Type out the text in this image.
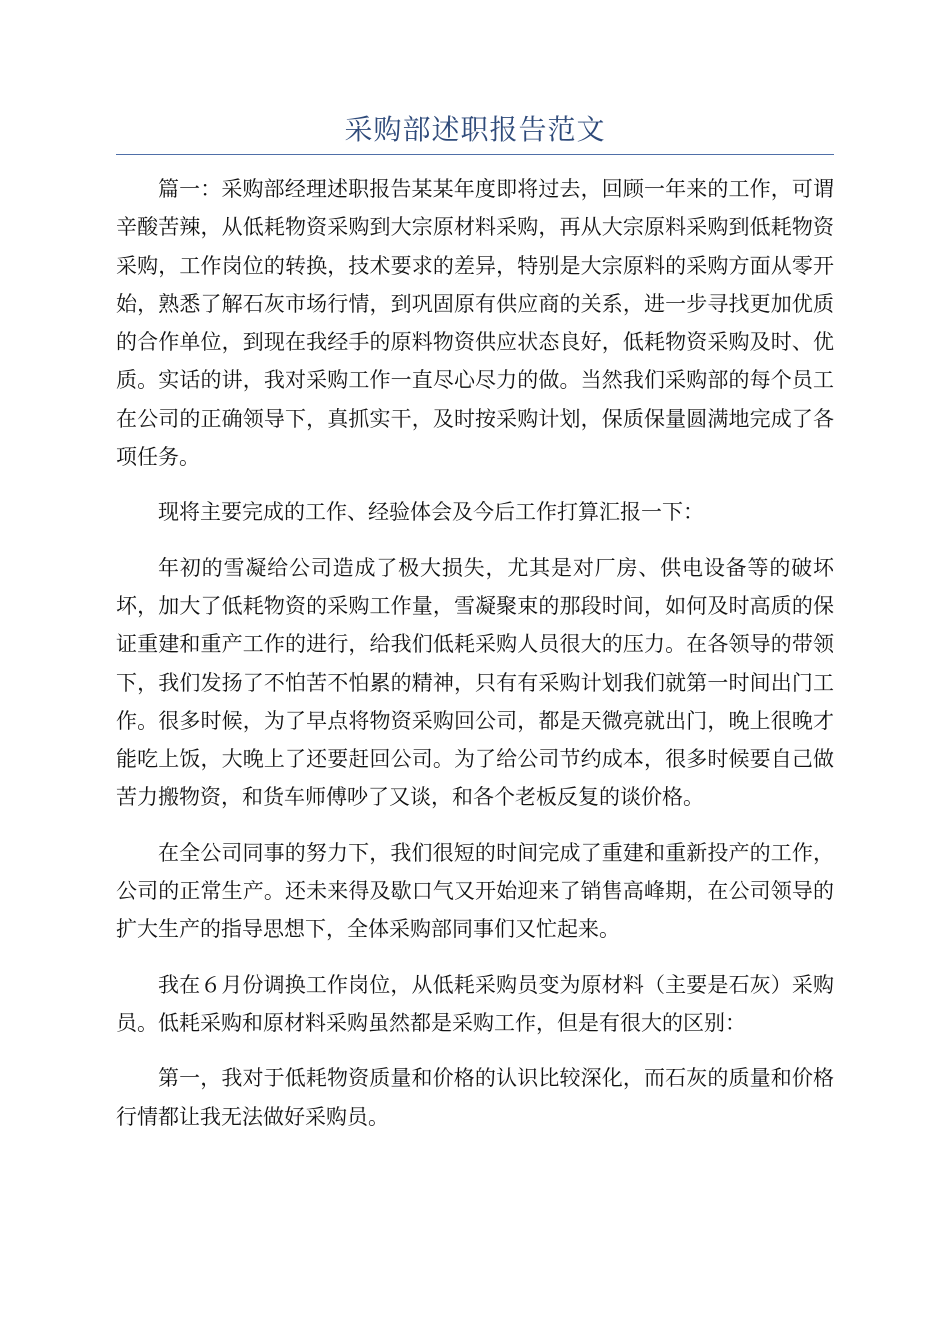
采购部述职报告范文

篇一：采购部经理述职报告某某年度即将过去，回顾一年来的工作，可谓辛酸苦辣，从低耗物资采购到大宗原材料采购，再从大宗原料采购到低耗物资采购，工作岗位的转换，技术要求的差异，特别是大宗原料的采购方面从零开始，熟悉了解石灰市场行情，到巩固原有供应商的关系，进一步寻找更加优质的合作单位，到现在我经手的原料物资供应状态良好，低耗物资采购及时、优质。实话的讲，我对采购工作一直尽心尽力的做。当然我们采购部的每个员工在公司的正确领导下，真抓实干，及时按采购计划，保质保量圆满地完成了各项任务。

现将主要完成的工作、经验体会及今后工作打算汇报一下：

年初的雪凝给公司造成了极大损失，尤其是对厂房、供电设备等的破坏坏，加大了低耗物资的采购工作量，雪凝聚束的那段时间，如何及时高质的保证重建和重产工作的进行，给我们低耗采购人员很大的压力。在各领导的带领下，我们发扬了不怕苦不怕累的精神，只有有采购计划我们就第一时间出门工作。很多时候，为了早点将物资采购回公司，都是天微亮就出门，晚上很晚才能吃上饭，大晚上了还要赶回公司。为了给公司节约成本，很多时候要自己做苦力搬物资，和货车师傅吵了又谈，和各个老板反复的谈价格。

在全公司同事的努力下，我们很短的时间完成了重建和重新投产的工作，公司的正常生产。还未来得及歇口气又开始迎来了销售高峰期，在公司领导的扩大生产的指导思想下，全体采购部同事们又忙起来。

我在６月份调换工作岗位，从低耗采购员变为原材料（主要是石灰）采购员。低耗采购和原材料采购虽然都是采购工作，但是有很大的区别：

第一，我对于低耗物资质量和价格的认识比较深化，而石灰的质量和价格行情都让我无法做好采购员。
